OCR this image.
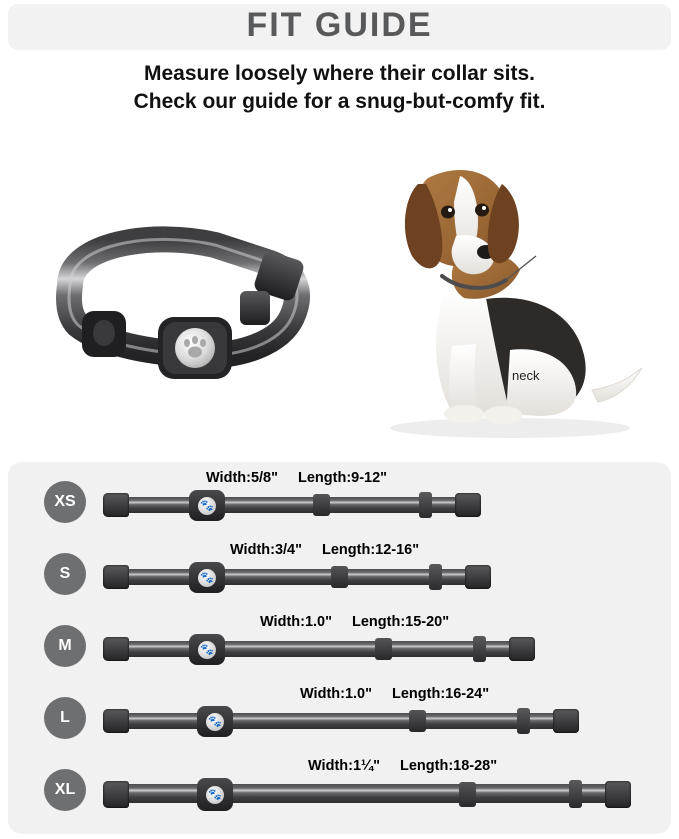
FIT GUIDE
Measure loosely where their collar sits.
Check our guide for a snug-but-comfy fit.
neck
XS
Width:5/8" Length:9-12"
🐾
S
Width:3/4" Length:12-16"
🐾
M
Width:1.0" Length:15-20"
🐾
L
Width:1.0" Length:16-24"
🐾
XL
Width:1¼" Length:18-28"
🐾
